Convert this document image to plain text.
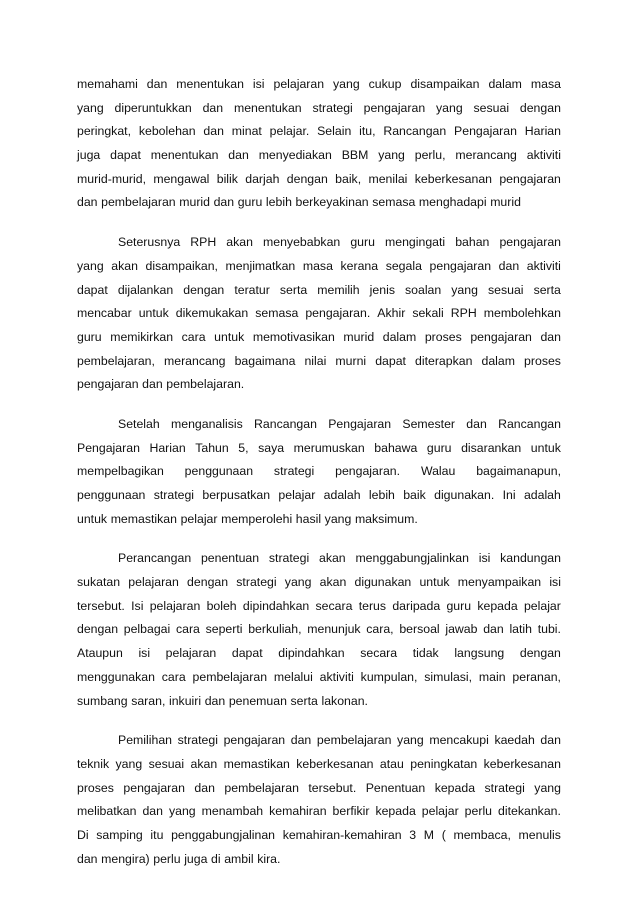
memahami dan menentukan isi pelajaran yang cukup disampaikan dalam masa
yang diperuntukkan dan menentukan strategi pengajaran yang sesuai dengan
peringkat, kebolehan dan minat pelajar. Selain itu, Rancangan Pengajaran Harian
juga dapat menentukan dan menyediakan BBM yang perlu, merancang aktiviti
murid-murid, mengawal bilik darjah dengan baik, menilai keberkesanan pengajaran
dan pembelajaran murid dan guru lebih berkeyakinan semasa menghadapi murid
Seterusnya RPH akan menyebabkan guru mengingati bahan pengajaran
yang akan disampaikan, menjimatkan masa kerana segala pengajaran dan aktiviti
dapat dijalankan dengan teratur serta memilih jenis soalan yang sesuai serta
mencabar untuk dikemukakan semasa pengajaran. Akhir sekali RPH membolehkan
guru memikirkan cara untuk memotivasikan murid dalam proses pengajaran dan
pembelajaran, merancang bagaimana nilai murni dapat diterapkan dalam proses
pengajaran dan pembelajaran.
Setelah menganalisis Rancangan Pengajaran Semester dan Rancangan
Pengajaran Harian Tahun 5, saya merumuskan bahawa guru disarankan untuk
mempelbagikan penggunaan strategi pengajaran. Walau bagaimanapun,
penggunaan strategi berpusatkan pelajar adalah lebih baik digunakan. Ini adalah
untuk memastikan pelajar memperolehi hasil yang maksimum.
Perancangan penentuan strategi akan menggabungjalinkan isi kandungan
sukatan pelajaran dengan strategi yang akan digunakan untuk menyampaikan isi
tersebut. Isi pelajaran boleh dipindahkan secara terus daripada guru kepada pelajar
dengan pelbagai cara seperti berkuliah, menunjuk cara, bersoal jawab dan latih tubi.
Ataupun isi pelajaran dapat dipindahkan secara tidak langsung dengan
menggunakan cara pembelajaran melalui aktiviti kumpulan, simulasi, main peranan,
sumbang saran, inkuiri dan penemuan serta lakonan.
Pemilihan strategi pengajaran dan pembelajaran yang mencakupi kaedah dan
teknik yang sesuai akan memastikan keberkesanan atau peningkatan keberkesanan
proses pengajaran dan pembelajaran tersebut. Penentuan kepada strategi yang
melibatkan dan yang menambah kemahiran berfikir kepada pelajar perlu ditekankan.
Di samping itu penggabungjalinan kemahiran-kemahiran 3 M ( membaca, menulis
dan mengira) perlu juga di ambil kira.
